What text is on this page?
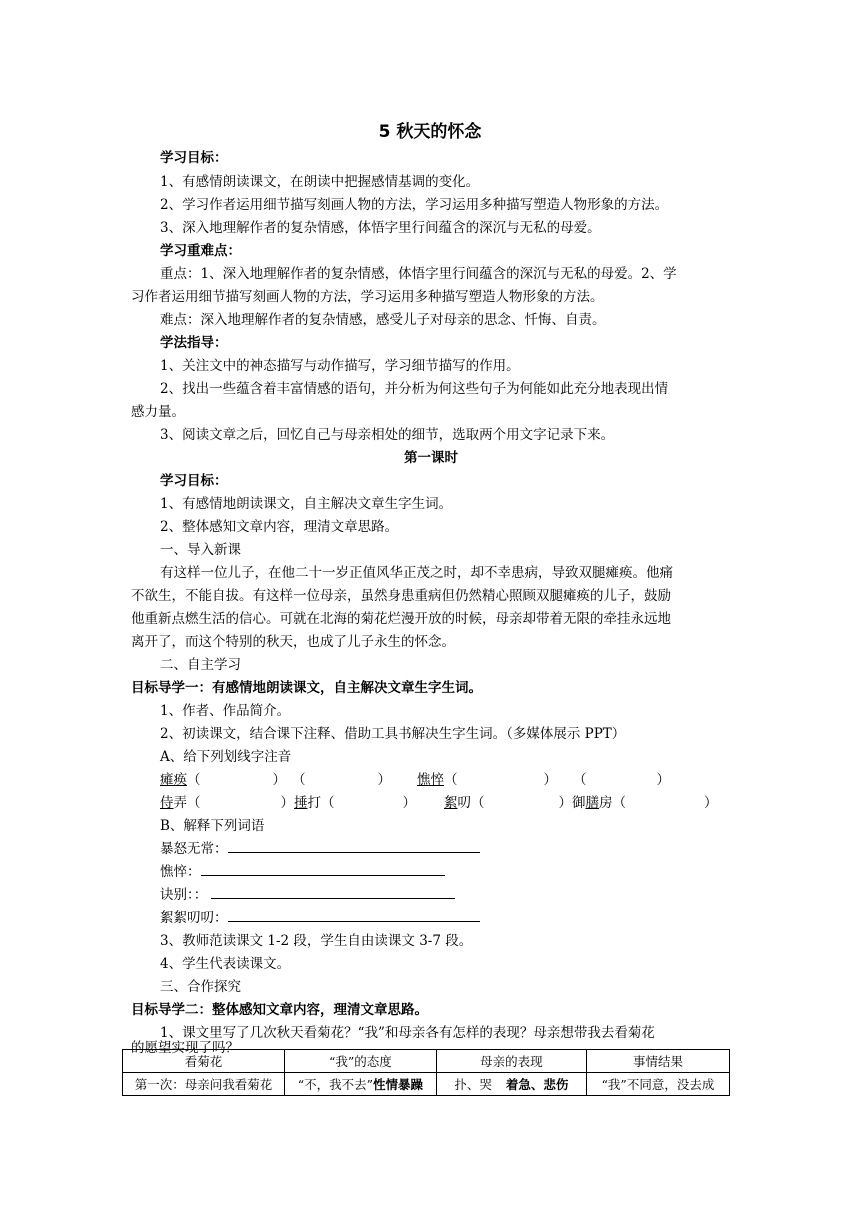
5 秋天的怀念
学习目标：
1、有感情朗读课文，在朗读中把握感情基调的变化。
2、学习作者运用细节描写刻画人物的方法，学习运用多种描写塑造人物形象的方法。
3、深入地理解作者的复杂情感，体悟字里行间蕴含的深沉与无私的母爱。
学习重难点：
重点：1、深入地理解作者的复杂情感，体悟字里行间蕴含的深沉与无私的母爱。2、学
习作者运用细节描写刻画人物的方法，学习运用多种描写塑造人物形象的方法。
难点：深入地理解作者的复杂情感，感受儿子对母亲的思念、忏悔、自责。
学法指导：
1、关注文中的神态描写与动作描写，学习细节描写的作用。
2、找出一些蕴含着丰富情感的语句，并分析为何这些句子为何能如此充分地表现出情
感力量。
3、阅读文章之后，回忆自己与母亲相处的细节，选取两个用文字记录下来。
第一课时
学习目标：
1、有感情地朗读课文，自主解决文章生字生词。
2、整体感知文章内容，理清文章思路。
一、导入新课
有这样一位儿子，在他二十一岁正值风华正茂之时，却不幸患病，导致双腿瘫痪。他痛
不欲生，不能自拔。有这样一位母亲，虽然身患重病但仍然精心照顾双腿瘫痪的儿子，鼓励
他重新点燃生活的信心。可就在北海的菊花烂漫开放的时候，母亲却带着无限的牵挂永远地
离开了，而这个特别的秋天，也成了儿子永生的怀念。
二、自主学习
目标导学一：有感情地朗读课文，自主解决文章生字生词。
1、作者、作品简介。
2、初读课文，结合课下注释、借助工具书解决生字生词。（多媒体展示 PPT）
A、给下列划线字注音
瘫痪（	） （	） 憔悴（	） （	）
侍弄（	）捶打（	） 絮叨（	）御膳房（	）
B、解释下列词语
暴怒无常：
憔悴：
诀别：：
絮絮叨叨：
3、教师范读课文 1-2 段，学生自由读课文 3-7 段。
4、学生代表读课文。
三、合作探究
目标导学二：整体感知文章内容，理清文章思路。
1、课文里写了几次秋天看菊花？“我”和母亲各有怎样的表现？母亲想带我去看菊花
的愿望实现了吗？
看菊花	“我”的态度	母亲的表现	事情结果
第一次：母亲问我看菊花	“不，我不去”性情暴躁	扑、哭 着急、悲伤	“我”不同意，没去成
